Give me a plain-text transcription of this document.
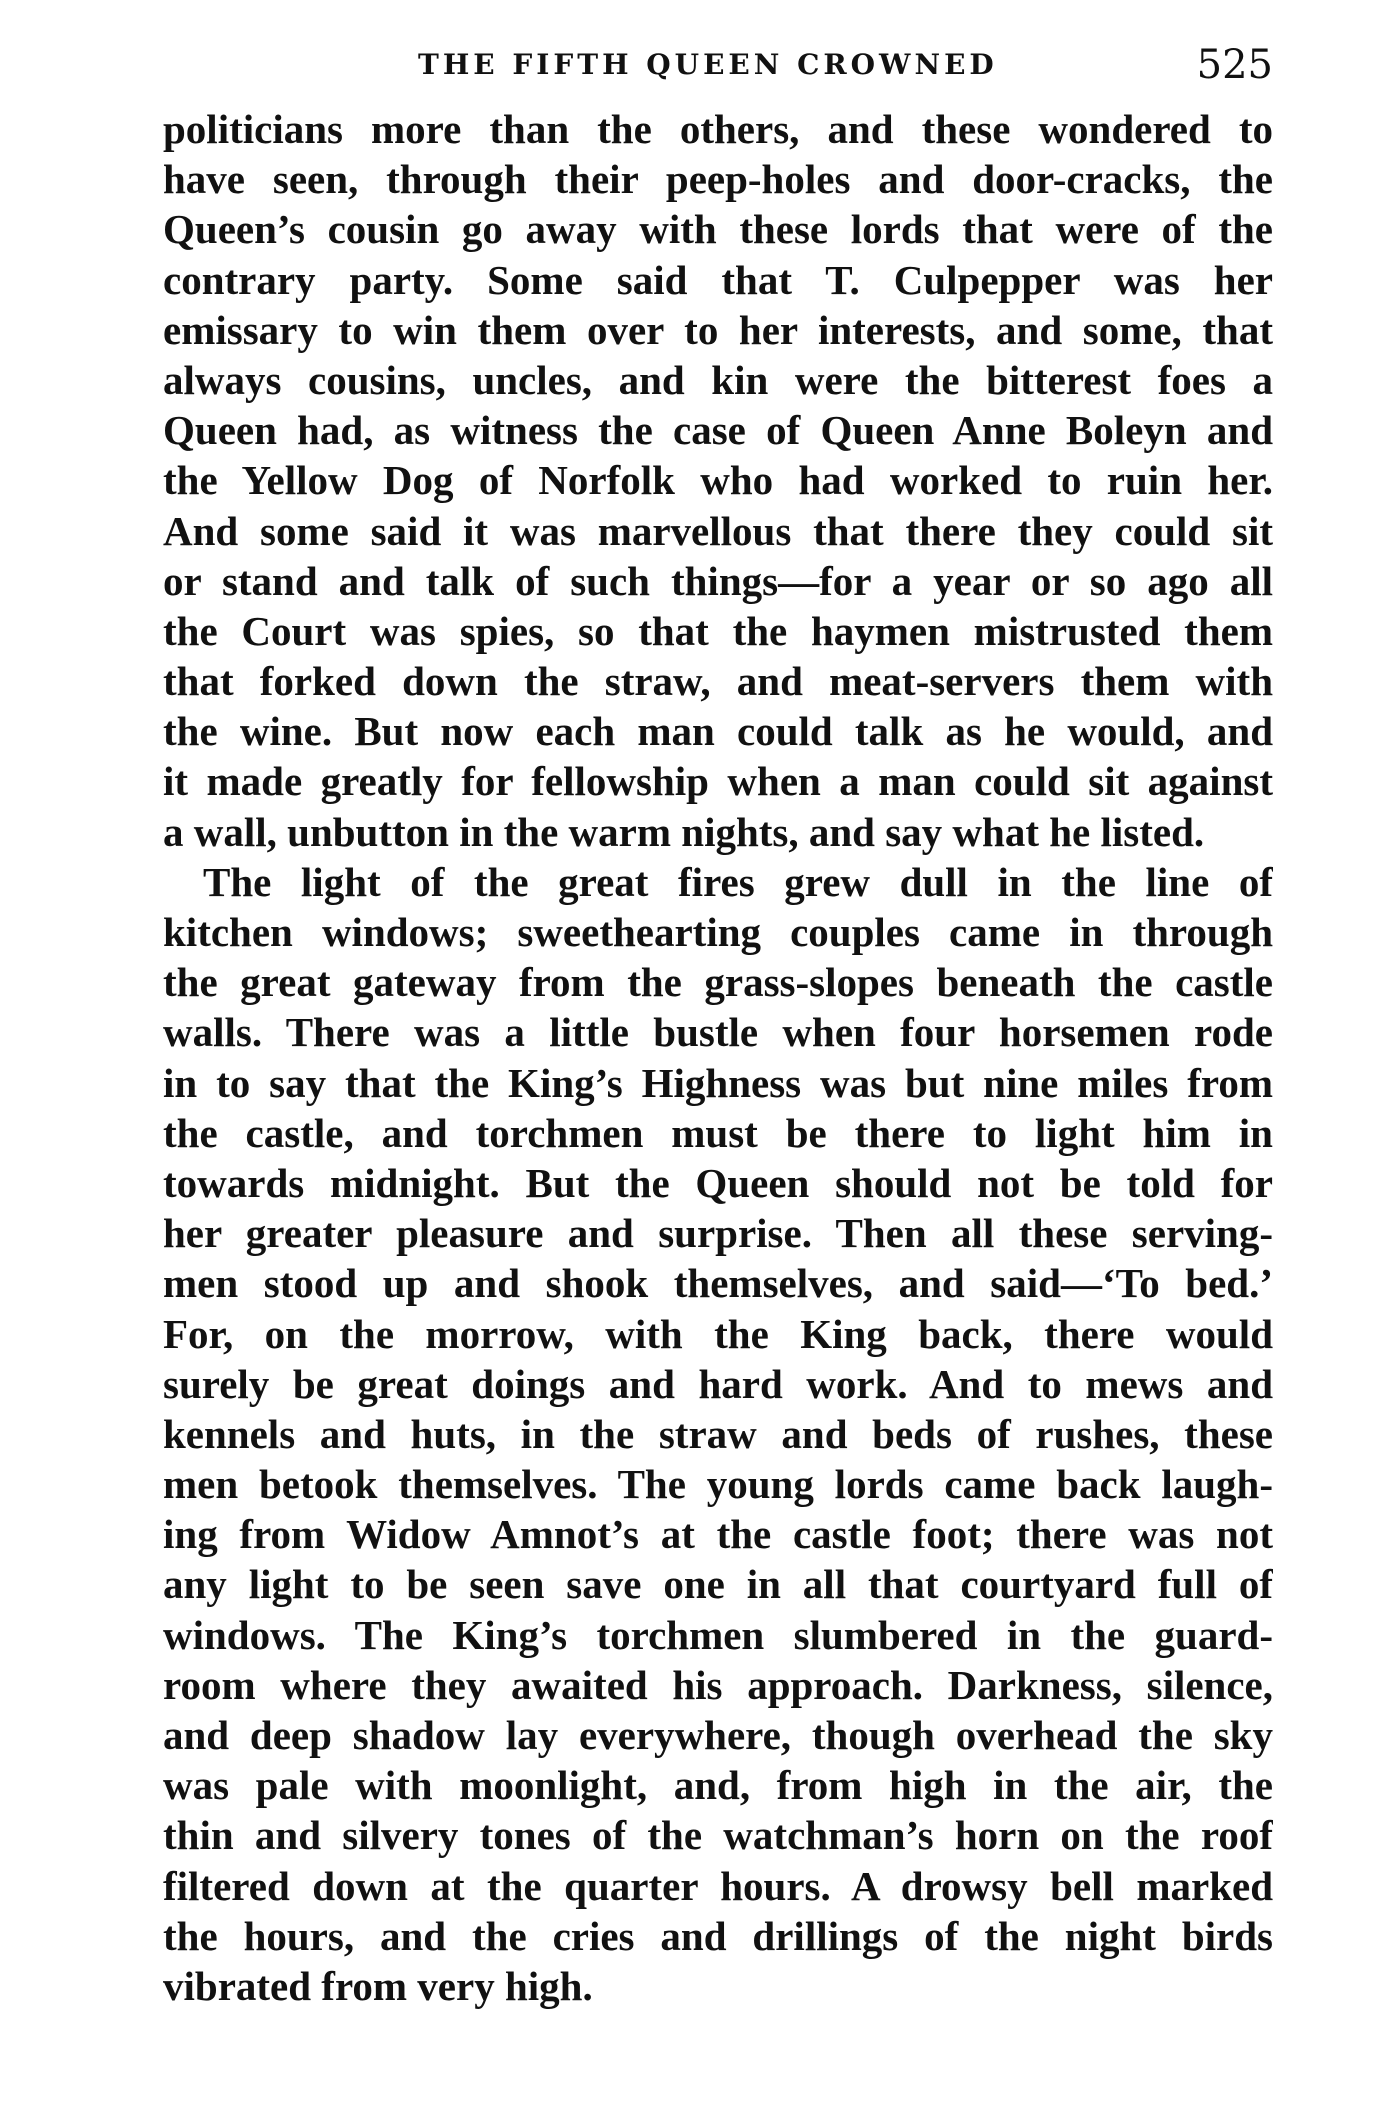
THE FIFTH QUEEN CROWNED	525
politicians more than the others, and these wondered to
have seen, through their peep-holes and door-cracks, the
Queen’s cousin go away with these lords that were of the
contrary party. Some said that T. Culpepper was her
emissary to win them over to her interests, and some, that
always cousins, uncles, and kin were the bitterest foes a
Queen had, as witness the case of Queen Anne Boleyn and
the Yellow Dog of Norfolk who had worked to ruin her.
And some said it was marvellous that there they could sit
or stand and talk of such things—for a year or so ago all
the Court was spies, so that the haymen mistrusted them
that forked down the straw, and meat-servers them with
the wine. But now each man could talk as he would, and
it made greatly for fellowship when a man could sit against
a wall, unbutton in the warm nights, and say what he listed.
The light of the great fires grew dull in the line of
kitchen windows; sweethearting couples came in through
the great gateway from the grass-slopes beneath the castle
walls. There was a little bustle when four horsemen rode
in to say that the King’s Highness was but nine miles from
the castle, and torchmen must be there to light him in
towards midnight. But the Queen should not be told for
her greater pleasure and surprise. Then all these serving-
men stood up and shook themselves, and said—‘To bed.’
For, on the morrow, with the King back, there would
surely be great doings and hard work. And to mews and
kennels and huts, in the straw and beds of rushes, these
men betook themselves. The young lords came back laugh-
ing from Widow Amnot’s at the castle foot; there was not
any light to be seen save one in all that courtyard full of
windows. The King’s torchmen slumbered in the guard-
room where they awaited his approach. Darkness, silence,
and deep shadow lay everywhere, though overhead the sky
was pale with moonlight, and, from high in the air, the
thin and silvery tones of the watchman’s horn on the roof
filtered down at the quarter hours. A drowsy bell marked
the hours, and the cries and drillings of the night birds
vibrated from very high.
